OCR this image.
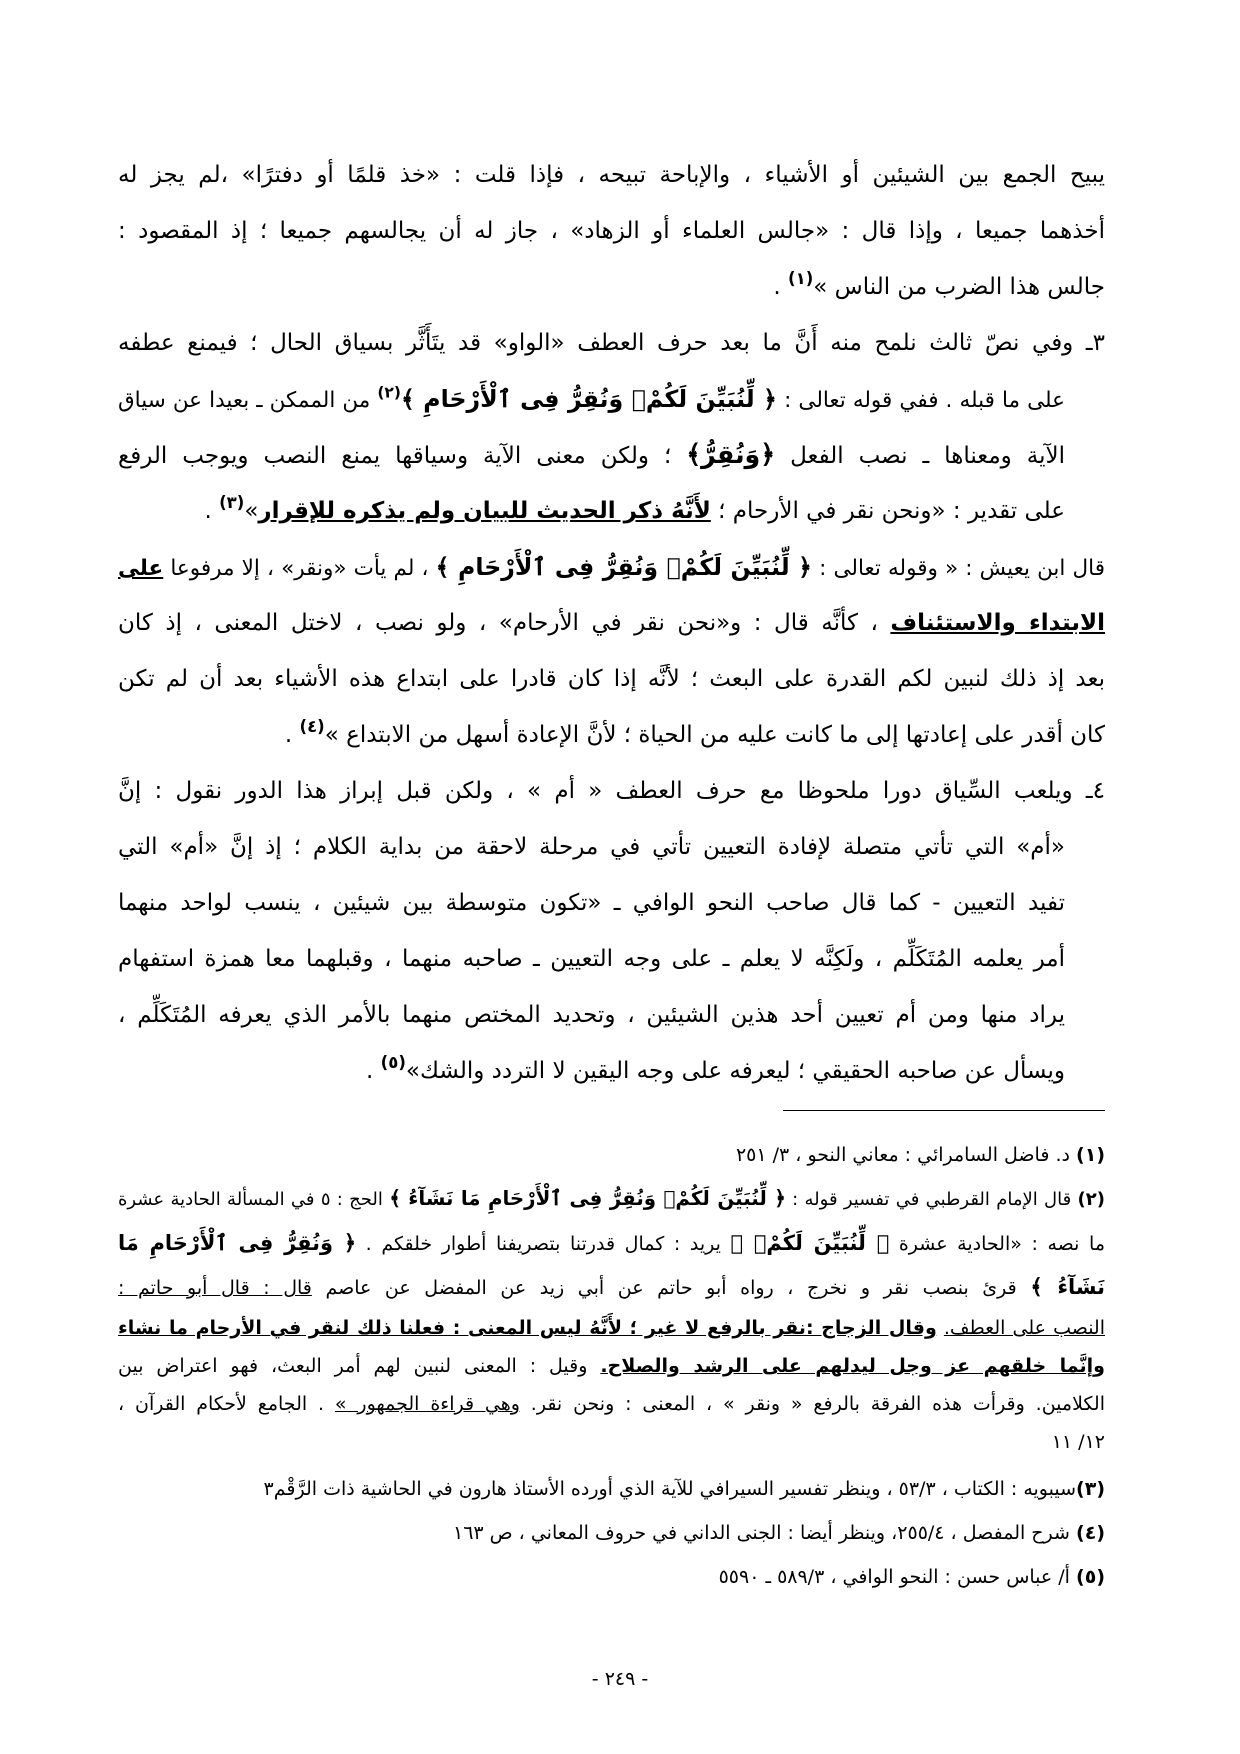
يبيح الجمع بين الشيئين أو الأشياء ، والإباحة تبيحه ، فإذا قلت : «خذ قلمًا أو دفترًا» ،لم يجز له
أخذهما جميعا ، وإذا قال : «جالس العلماء أو الزهاد» ، جاز له أن يجالسهم جميعا ؛ إذ المقصود :
جالس هذا الضرب من الناس »$^{(١)}$ .
٣ـ وفي نصّ ثالث نلمح منه أَنَّ ما بعد حرف العطف «الواو» قد يتَأَثَّر بسياق الحال ؛ فيمنع عطفه
على ما قبله . ففي قوله تعالى : ﴿ لِّنُبَيِّنَ لَكُمْۚ وَنُقِرُّ فِى ٱلْأَرْحَامِ ﴾$^{(٢)}$ من الممكن ـ بعيدا عن سياق
الآية ومعناها ـ نصب الفعل ﴿وَنُقِرُّ﴾ ؛ ولكن معنى الآية وسياقها يمنع النصب ويوجب الرفع
على تقدير : «ونحن نقر في الأرحام ؛ لأَنَّهُ ذكر الحديث للبيان ولم يذكره للإقرار»$^{(٣)}$ .
قال ابن يعيش : « وقوله تعالى : ﴿ لِّنُبَيِّنَ لَكُمْۚ وَنُقِرُّ فِى ٱلْأَرْحَامِ ﴾ ، لم يأت «ونقر» ، إلا مرفوعا على
الابتداء والاستئناف ، كأنَّه قال : و«نحن نقر في الأرحام» ، ولو نصب ، لاختل المعنى ، إذ كان
بعد إذ ذلك لنبين لكم القدرة على البعث ؛ لأنَّه إذا كان قادرا على ابتداع هذه الأشياء بعد أن لم تكن
كان أقدر على إعادتها إلى ما كانت عليه من الحياة ؛ لأنَّ الإعادة أسهل من الابتداع »$^{(٤)}$ .
٤ـ ويلعب السِّياق دورا ملحوظا مع حرف العطف « أم » ، ولكن قبل إبراز هذا الدور نقول : إنَّ
«أم» التي تأتي متصلة لإفادة التعيين تأتي في مرحلة لاحقة من بداية الكلام ؛ إذ إنَّ «أم» التي
تفيد التعيين - كما قال صاحب النحو الوافي ـ «تكون متوسطة بين شيئين ، ينسب لواحد منهما
أمر يعلمه المُتَكَلِّم ، ولَكِنَّه لا يعلم ـ على وجه التعيين ـ صاحبه منهما ، وقبلهما معا همزة استفهام
يراد منها ومن أم تعيين أحد هذين الشيئين ، وتحديد المختص منهما بالأمر الذي يعرفه المُتَكَلِّم ،
ويسأل عن صاحبه الحقيقي ؛ ليعرفه على وجه اليقين لا التردد والشك»$^{(٥)}$ .
(١) د. فاضل السامرائي : معاني النحو ، ٣/ ٢٥١
(٢) قال الإمام القرطبي في تفسير قوله : ﴿ لِّنُبَيِّنَ لَكُمْۚ وَنُقِرُّ فِى ٱلْأَرْحَامِ مَا نَشَآءُ ﴾ الحج : ٥ في المسألة الحادية عشرة
ما نصه : «الحادية عشرة ﴿ لِّنُبَيِّنَ لَكُمْۚ ﴾ يريد : كمال قدرتنا بتصريفنا أطوار خلقكم . ﴿ وَنُقِرُّ فِى ٱلْأَرْحَامِ مَا
نَشَآءُ ﴾ قرئ بنصب نقر و نخرج ، رواه أبو حاتم عن أبي زيد عن المفضل عن عاصم قال : قال أبو حاتم :
النصب على العطف. وقال الزجاج :نقر بالرفع لا غير ؛ لأَنَّهُ ليس المعنى : فعلنا ذلك لنقر في الأرحام ما نشاء
وإنَّما خلقهم عز وجل ليدلهم على الرشد والصلاح. وقيل : المعنى لنبين لهم أمر البعث، فهو اعتراض بين
الكلامين. وقرأت هذه الفرقة بالرفع « ونقر » ، المعنى : ونحن نقر. وهي قراءة الجمهور » . الجامع لأحكام القرآن ،
١٢/ ١١
(٣)سيبويه : الكتاب ، ٥٣/٣ ، وينظر تفسير السيرافي للآية الذي أورده الأستاذ هارون في الحاشية ذات الرَّقْم٣
(٤) شرح المفصل ، ٢٥٥/٤، وينظر أيضا : الجنى الداني في حروف المعاني ، ص ١٦٣
(٥) أ/ عباس حسن : النحو الوافي ، ٥٨٩/٣ ـ ٥٥٩٠
- ٢٤٩ -
